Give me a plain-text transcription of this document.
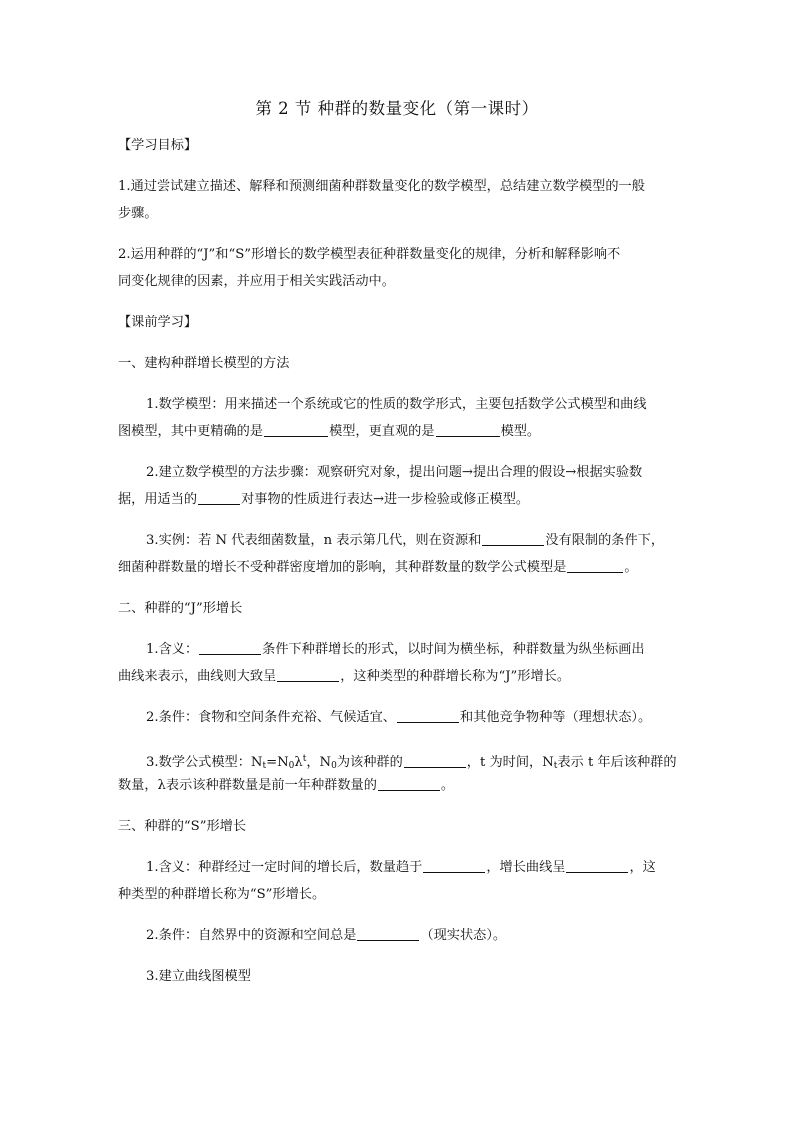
第 2 节 种群的数量变化（第一课时）
【学习目标】
1.通过尝试建立描述、解释和预测细菌种群数量变化的数学模型，总结建立数学模型的一般
步骤。
2.运用种群的“J”和“S”形增长的数学模型表征种群数量变化的规律，分析和解释影响不
同变化规律的因素，并应用于相关实践活动中。
【课前学习】
一、建构种群增长模型的方法
1.数学模型：用来描述一个系统或它的性质的数学形式，主要包括数学公式模型和曲线
图模型，其中更精确的是	模型，更直观的是	模型。
2.建立数学模型的方法步骤：观察研究对象，提出问题→提出合理的假设→根据实验数
据，用适当的	对事物的性质进行表达→进一步检验或修正模型。
3.实例：若 N 代表细菌数量，n 表示第几代，则在资源和	没有限制的条件下，
细菌种群数量的增长不受种群密度增加的影响，其种群数量的数学公式模型是	。
二、种群的“J”形增长
1.含义：	条件下种群增长的形式，以时间为横坐标，种群数量为纵坐标画出
曲线来表示，曲线则大致呈	，这种类型的种群增长称为“J”形增长。
2.条件：食物和空间条件充裕、气候适宜、	和其他竞争物种等（理想状态）。
3.数学公式模型：$N_t=N_0\lambda^t$，$N_0$为该种群的	，t 为时间，$N_t$表示 t 年后该种群的
数量，λ表示该种群数量是前一年种群数量的	。
三、种群的“S”形增长
1.含义：种群经过一定时间的增长后，数量趋于	，增长曲线呈	，这
种类型的种群增长称为“S”形增长。
2.条件：自然界中的资源和空间总是	（现实状态）。
3.建立曲线图模型
